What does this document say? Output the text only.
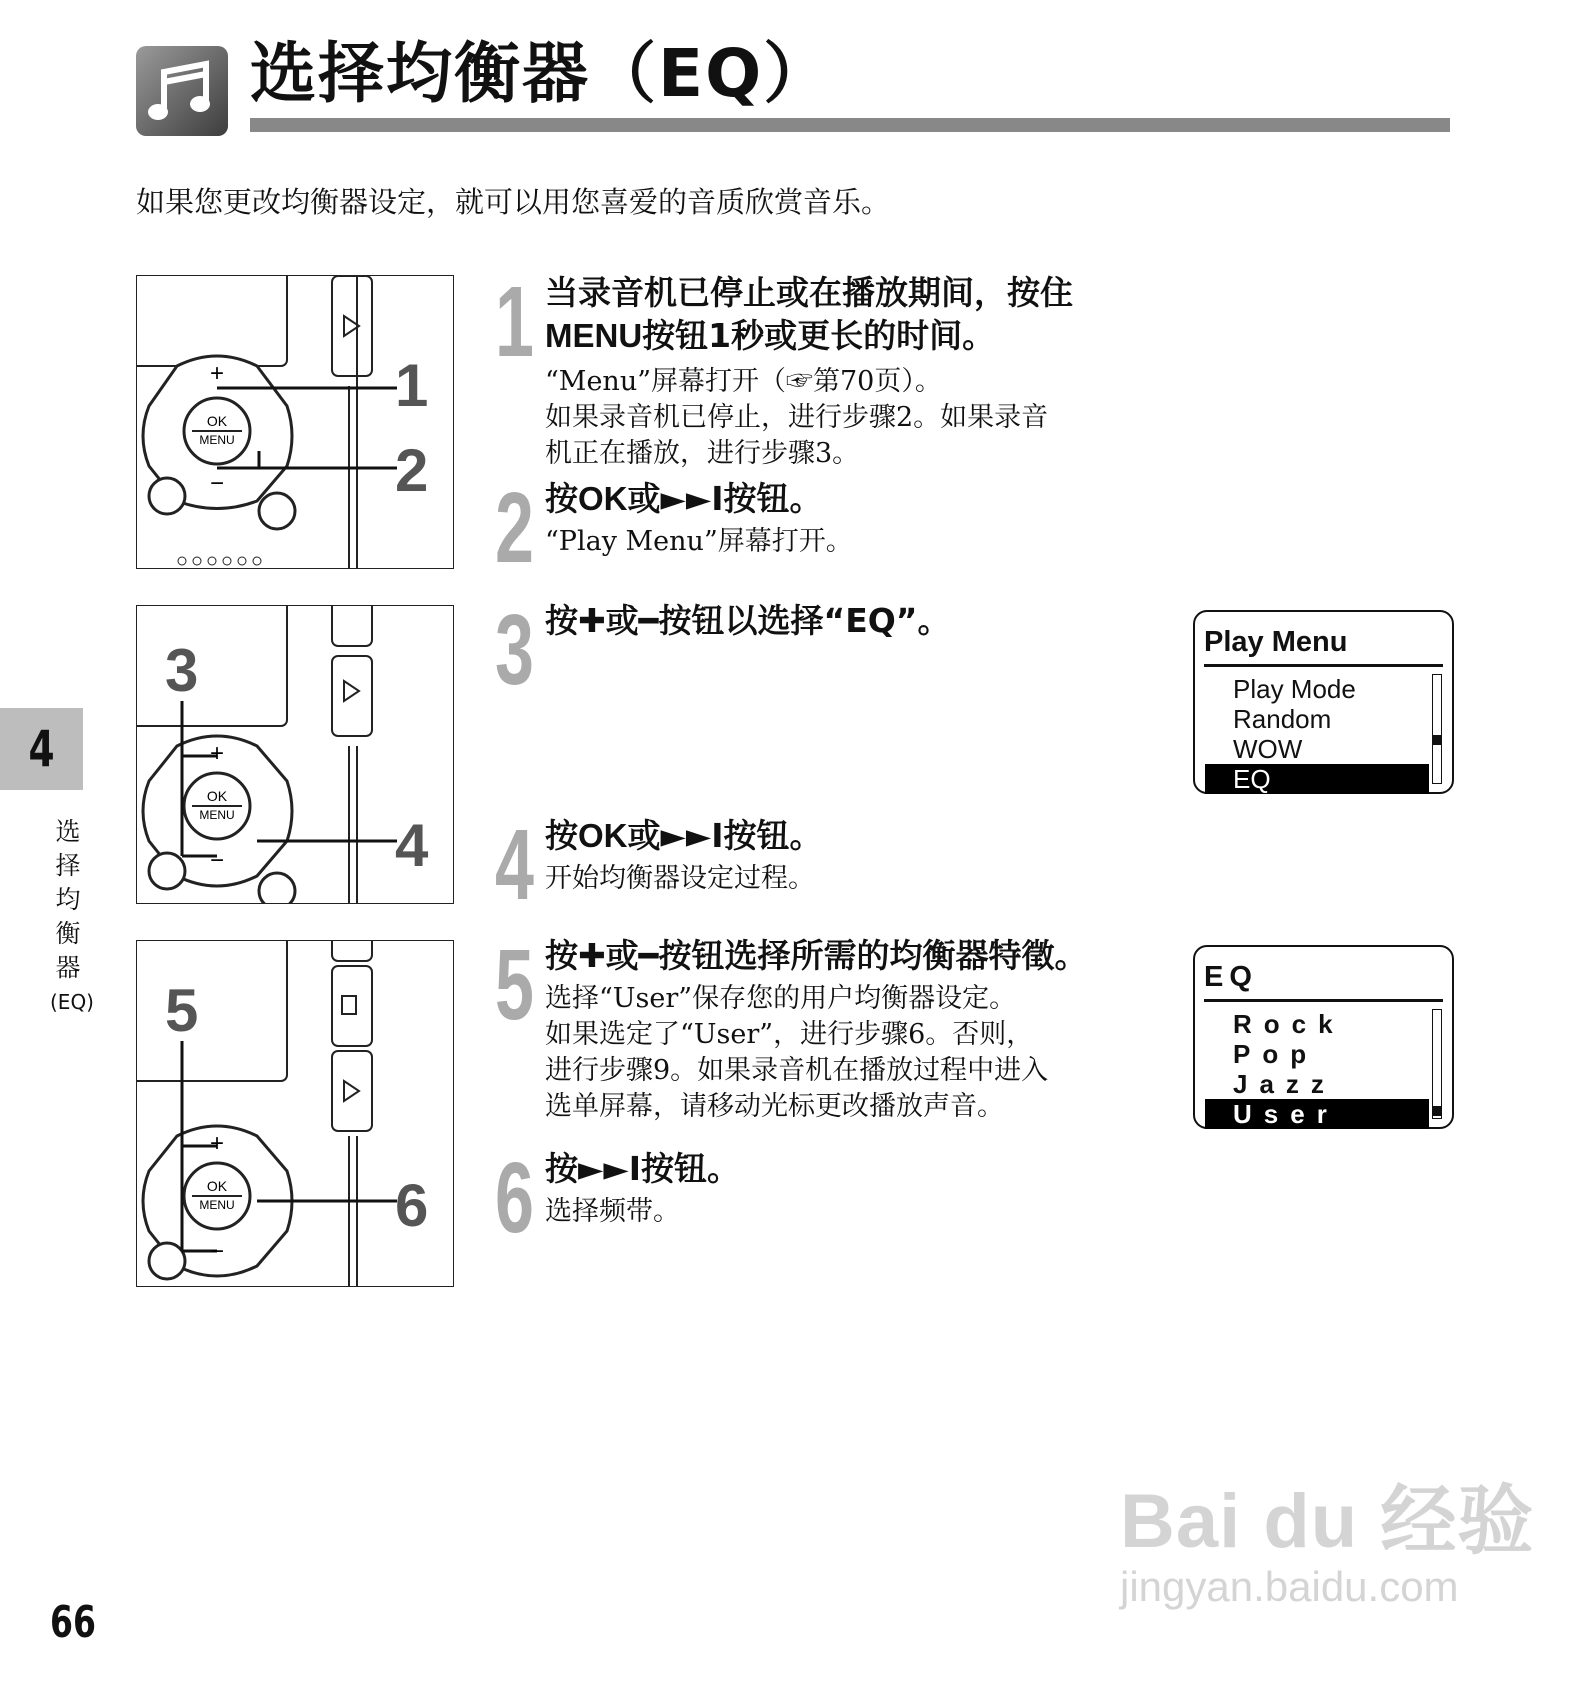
选择均衡器（EQ）
如果您更改均衡器设定，就可以用您喜爱的音质欣赏音乐。
+
OK
MENU
−
1
2
+
OK
MENU
−
3
4
+
OK
MENU
−
5
6
1 当录音机已停止或在播放期间，按住
MENU按钮1秒或更长的时间。
“Menu”屏幕打开（☞第70页）。
如果录音机已停止，进行步骤2。如果录音
机正在播放，进行步骤3。
2 按OK或►►I按钮。
“Play Menu”屏幕打开。
3 按✚或━按钮以选择“EQ”。
4 按OK或►►I按钮。
开始均衡器设定过程。
5 按✚或━按钮选择所需的均衡器特徵。
选择“User”保存您的用户均衡器设定。
如果选定了“User”，进行步骤6。否则，
进行步骤9。如果录音机在播放过程中进入
选单屏幕，请移动光标更改播放声音。
6 按►►I按钮。
选择频带。
Play Menu
Play Mode
Random
WOW
EQ
EQ
Rock
Pop
Jazz
User
4
选
择
均
衡
器
(EQ)
66
Bai du 经验
jingyan.baidu.com
